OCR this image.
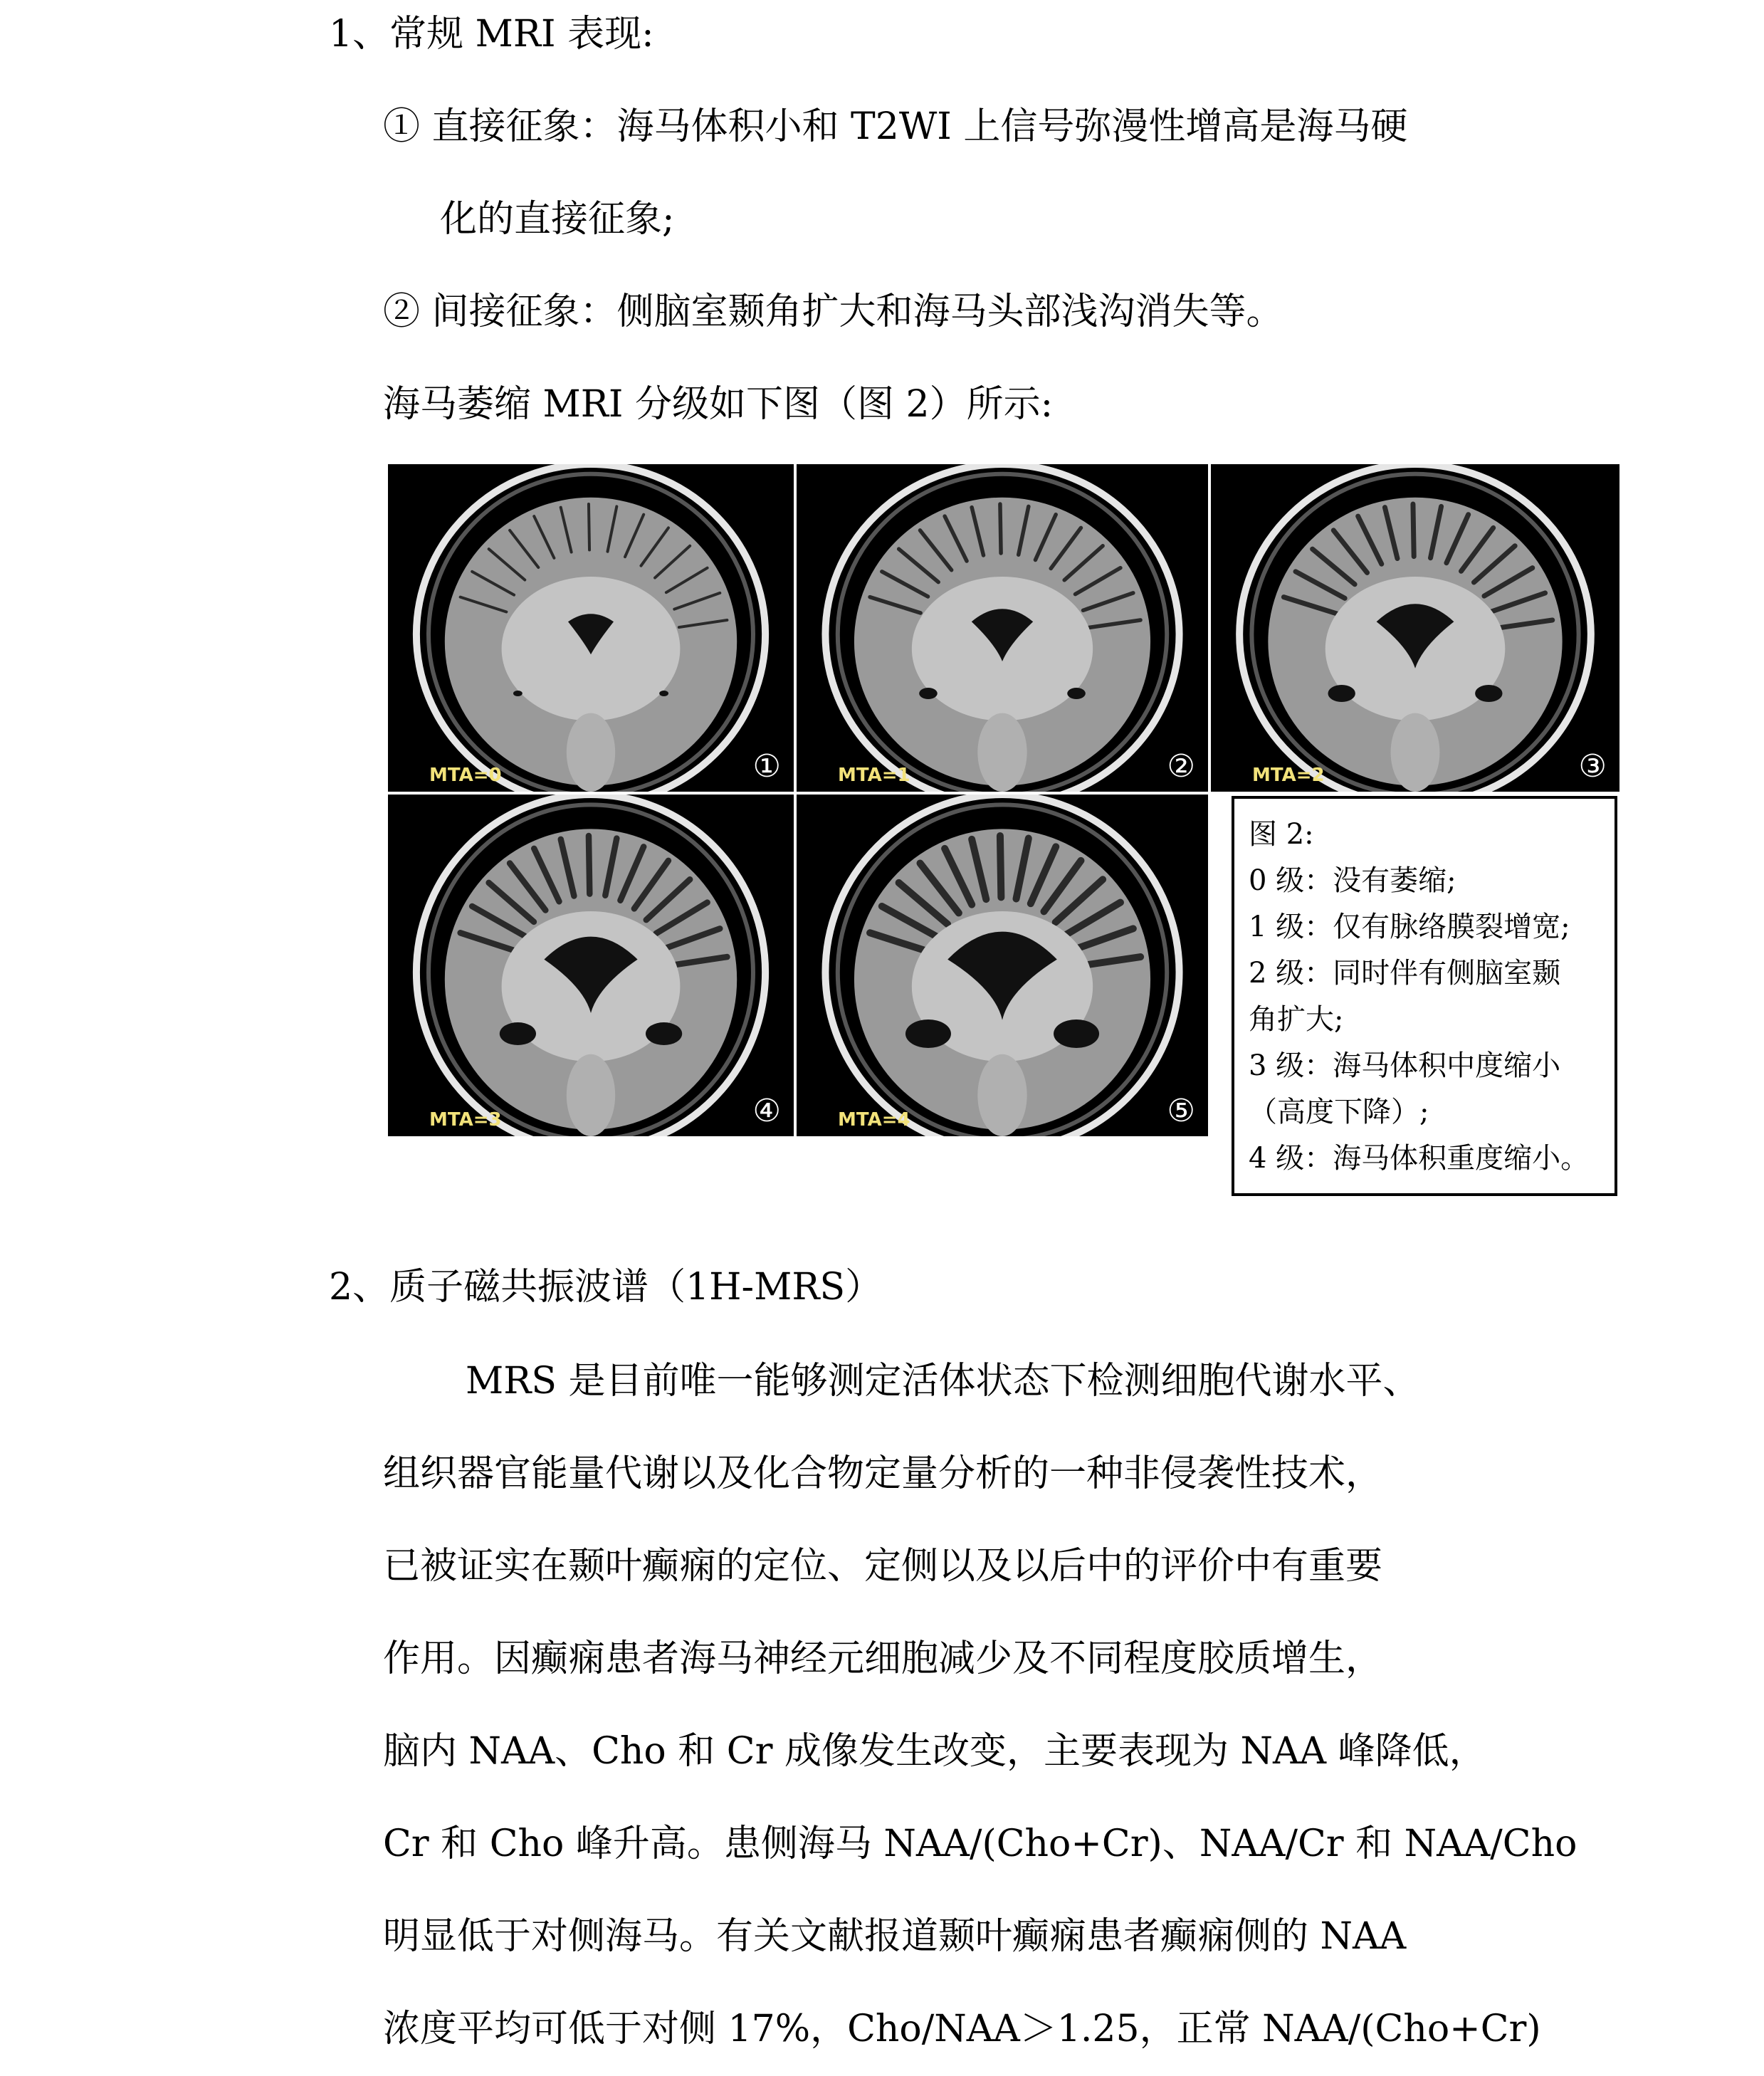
1、常规 MRI 表现:
① 直接征象：海马体积小和 T2WI 上信号弥漫性增高是海马硬
化的直接征象;
② 间接征象：侧脑室颞角扩大和海马头部浅沟消失等。
海马萎缩 MRI 分级如下图（图 2）所示:
MTA=0	①	MTA=1	②	MTA=2	③
MTA=3	④	MTA=4	⑤
图 2:
0 级：没有萎缩;
1 级：仅有脉络膜裂增宽;
2 级：同时伴有侧脑室颞
角扩大;
3 级：海马体积中度缩小
（高度下降）;
4 级：海马体积重度缩小。
2、质子磁共振波谱（1H-MRS）
MRS 是目前唯一能够测定活体状态下检测细胞代谢水平、
组织器官能量代谢以及化合物定量分析的一种非侵袭性技术，
已被证实在颞叶癫痫的定位、定侧以及以后中的评价中有重要
作用。因癫痫患者海马神经元细胞减少及不同程度胶质增生，
脑内 NAA、Cho 和 Cr 成像发生改变，主要表现为 NAA 峰降低，
Cr 和 Cho 峰升高。患侧海马 NAA/(Cho+Cr)、NAA/Cr 和 NAA/Cho
明显低于对侧海马。有关文献报道颞叶癫痫患者癫痫侧的 NAA
浓度平均可低于对侧 17%，Cho/NAA＞1.25，正常 NAA/(Cho+Cr)
